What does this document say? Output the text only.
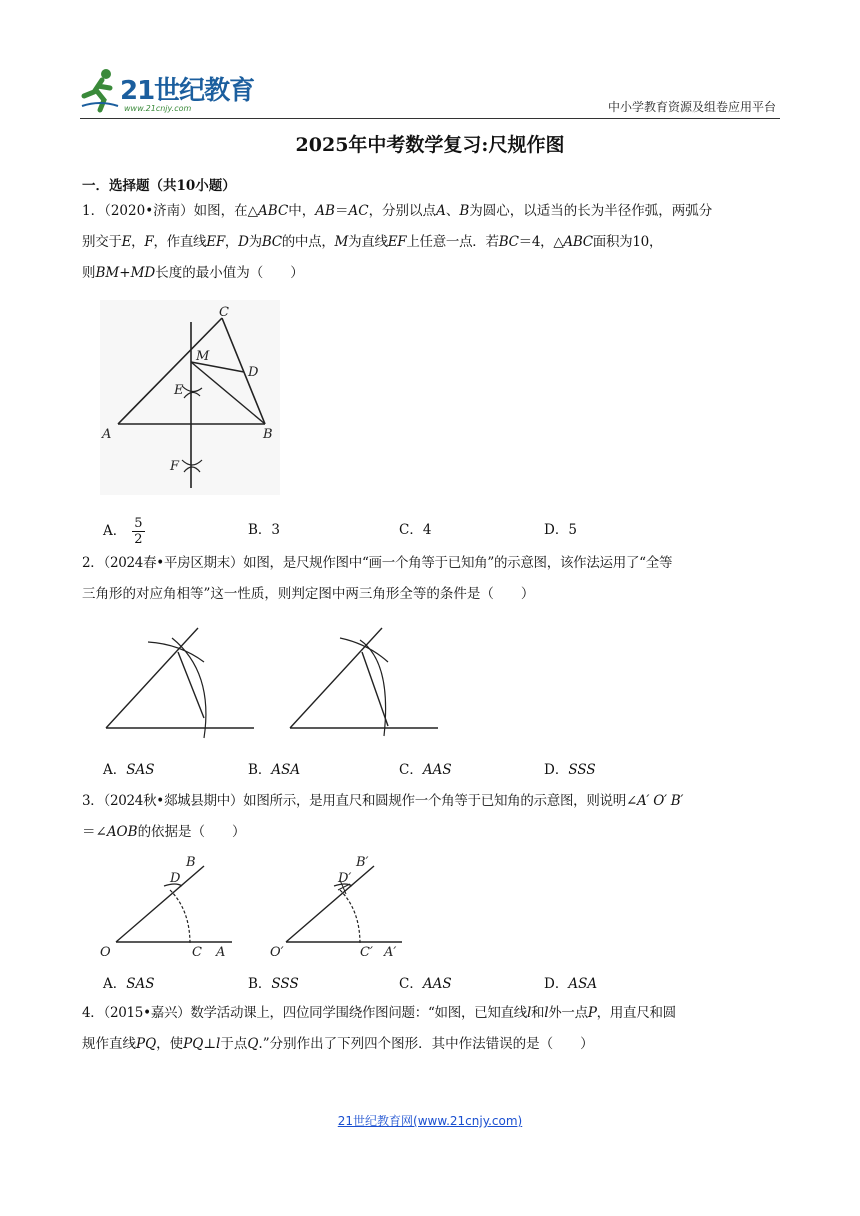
21世纪教育
www.21cnjy.com	中小学教育资源及组卷应用平台
2025年中考数学复习:尺规作图
一．选择题（共10小题）
1．（2020•济南）如图，在△ABC中，AB＝AC，分别以点A、B为圆心，以适当的长为半径作弧，两弧分
别交于E，F，作直线EF，D为BC的中点，M为直线EF上任意一点．若BC＝4，△ABC面积为10，
则BM+MD长度的最小值为（　　）
C
M
D
E
A	B
F
A． $\frac{5}{2}$	B．3	C．4	D．5
2．（2024春•平房区期末）如图，是尺规作图中“画一个角等于已知角”的示意图，该作法运用了“全等
三角形的对应角相等”这一性质，则判定图中两三角形全等的条件是（　　）
A．SAS	B．ASA	C．AAS	D．SSS
3．（2024秋•郯城县期中）如图所示，是用直尺和圆规作一个角等于已知角的示意图，则说明∠A′ O′ B′
＝∠AOB的依据是（　　）
B
D
O	C A
B′
D′
O′	C′ A′
A．SAS	B．SSS	C．AAS	D．ASA
4．（2015•嘉兴）数学活动课上，四位同学围绕作图问题：“如图，已知直线l和l外一点P，用直尺和圆
规作直线PQ，使PQ⊥l于点Q.”分别作出了下列四个图形．其中作法错误的是（　　）
21世纪教育网(www.21cnjy.com)
